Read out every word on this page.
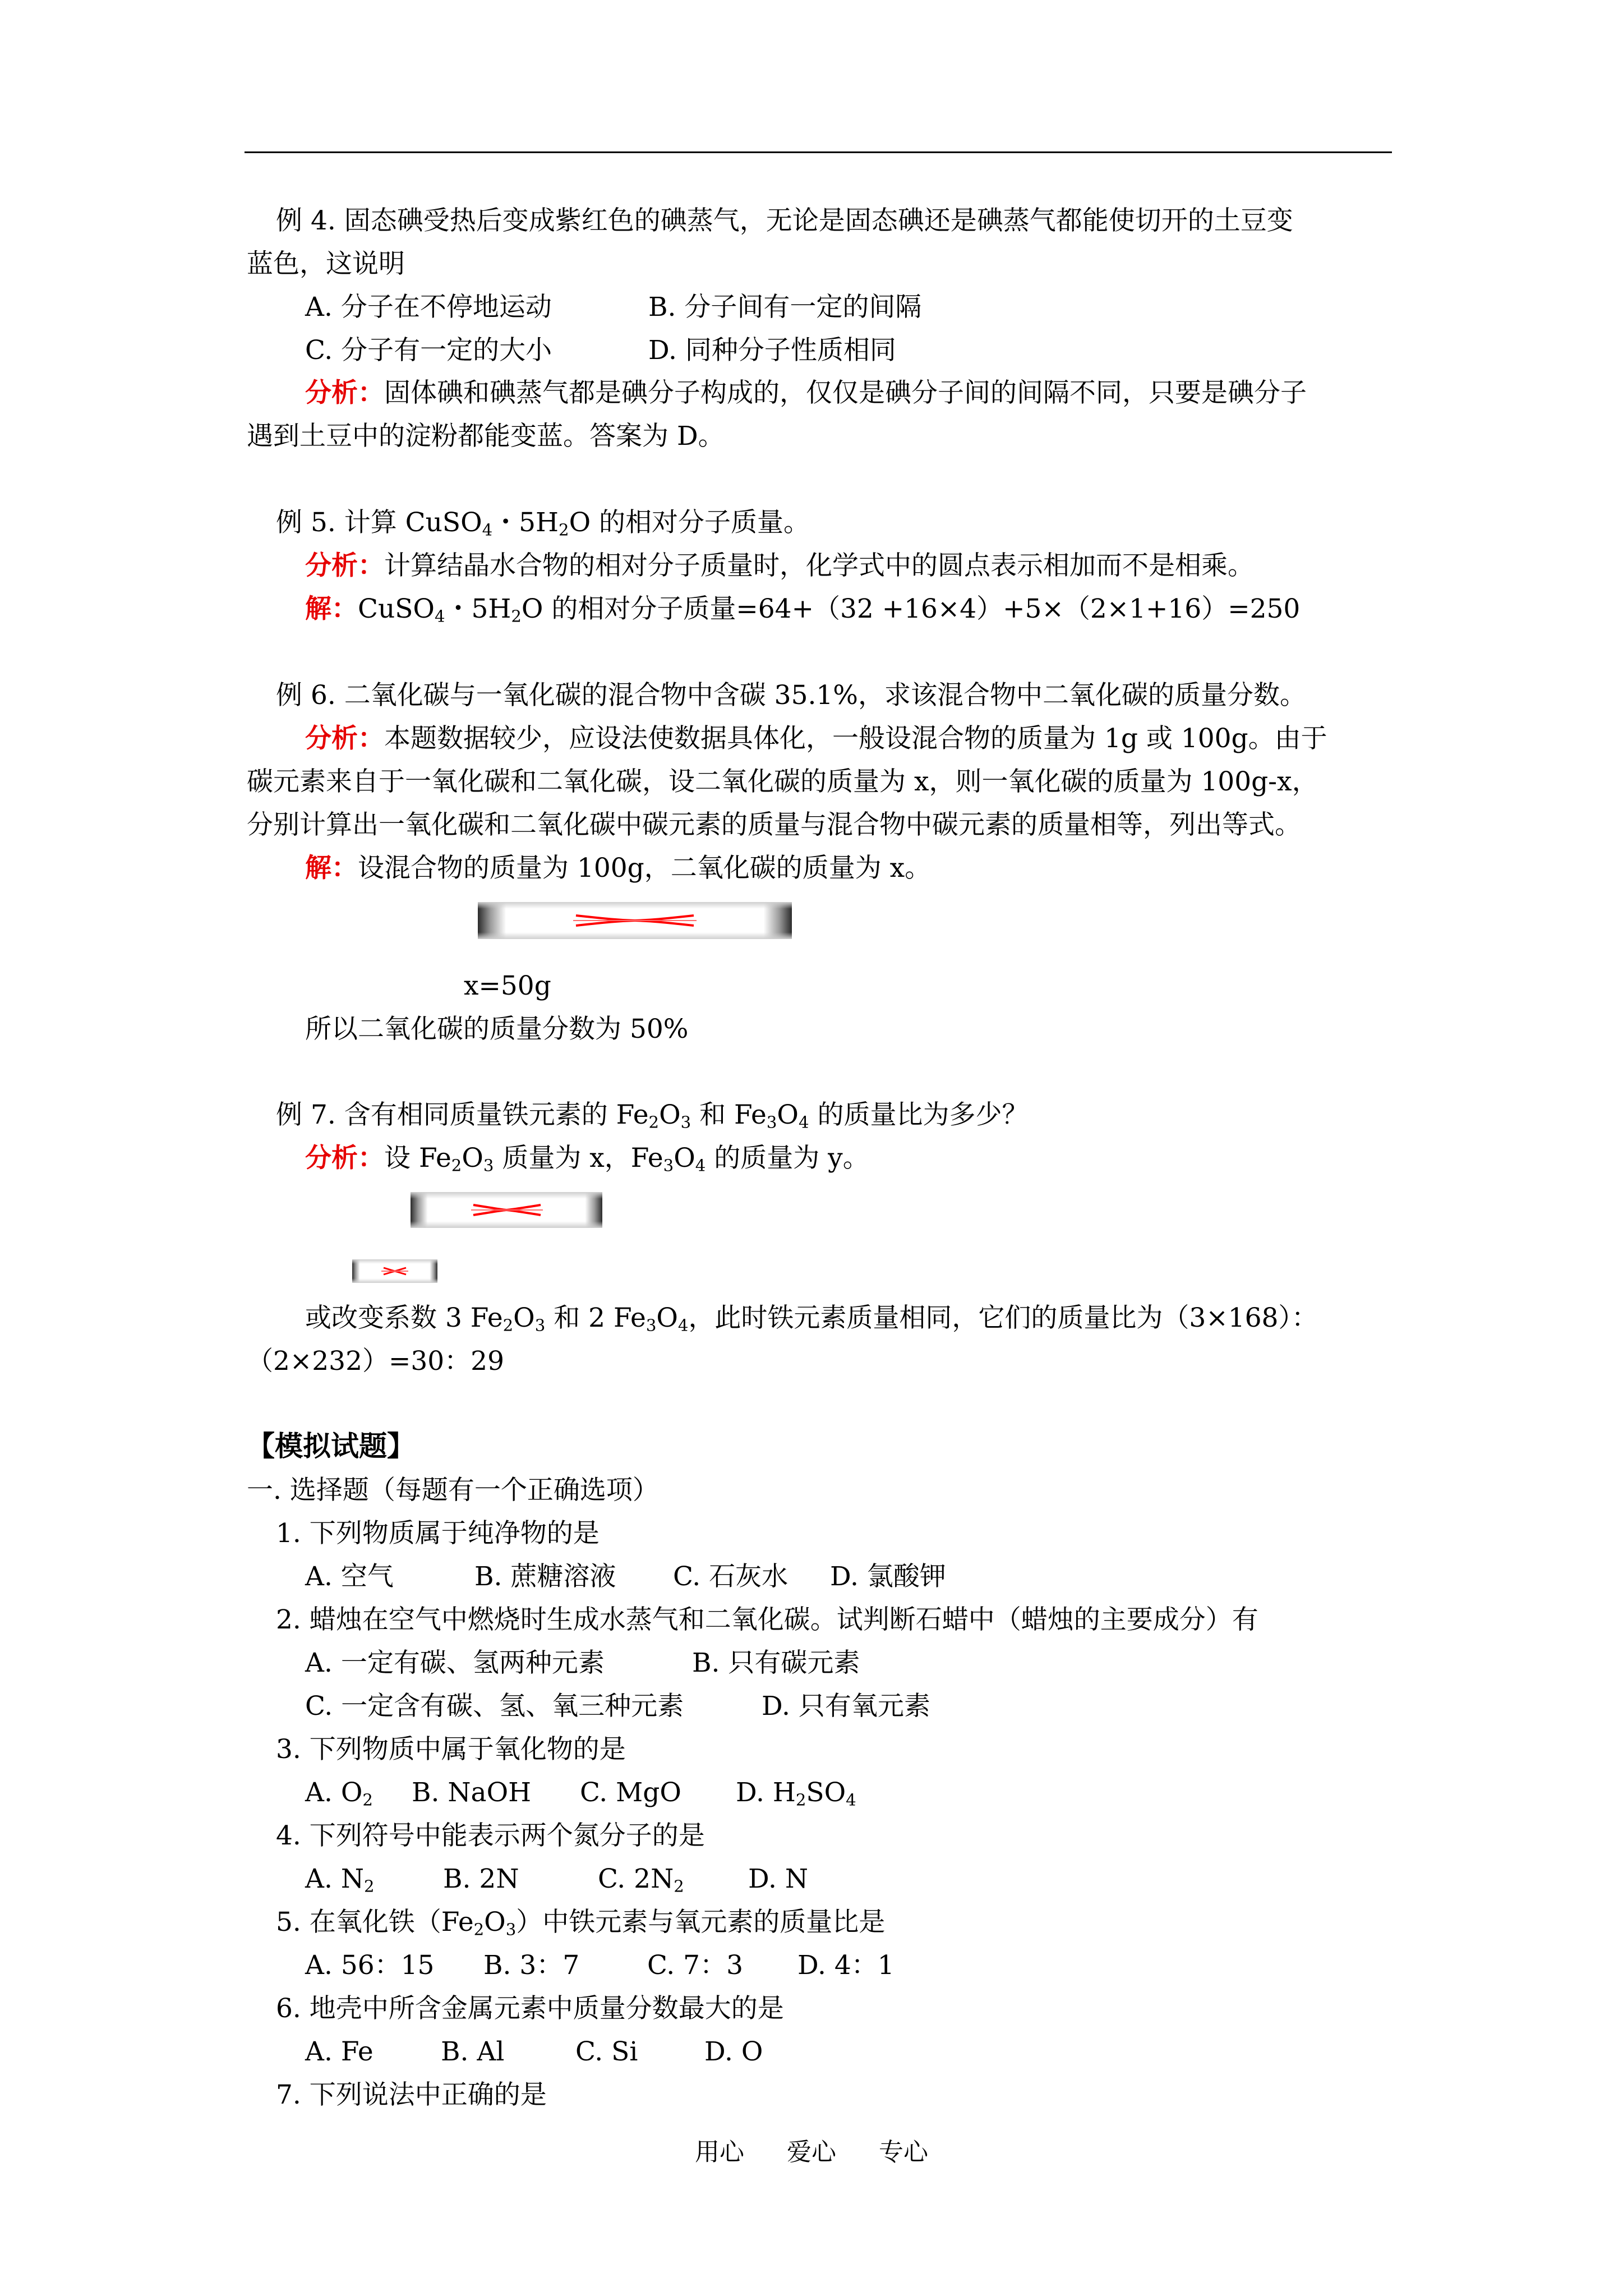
例 4. 固态碘受热后变成紫红色的碘蒸气，无论是固态碘还是碘蒸气都能使切开的土豆变
蓝色，这说明
A. 分子在不停地运动	B. 分子间有一定的间隔
C. 分子有一定的大小	D. 同种分子性质相同
分析：固体碘和碘蒸气都是碘分子构成的，仅仅是碘分子间的间隔不同，只要是碘分子
遇到土豆中的淀粉都能变蓝。答案为 D。
例 5. 计算 CuSO$_4$・$5H_2O$ 的相对分子质量。
分析：计算结晶水合物的相对分子质量时，化学式中的圆点表示相加而不是相乘。
解：CuSO$_4$・$5H_2O$ 的相对分子质量=64+（32 +16×4）+5×（2×1+16）=250
例 6. 二氧化碳与一氧化碳的混合物中含碳 35.1%，求该混合物中二氧化碳的质量分数。
分析：本题数据较少，应设法使数据具体化，一般设混合物的质量为 1g 或 100g。由于
碳元素来自于一氧化碳和二氧化碳，设二氧化碳的质量为 x，则一氧化碳的质量为 100g-x，
分别计算出一氧化碳和二氧化碳中碳元素的质量与混合物中碳元素的质量相等，列出等式。
解：设混合物的质量为 100g，二氧化碳的质量为 x。
x=50g
所以二氧化碳的质量分数为 50%
例 7. 含有相同质量铁元素的 $Fe_2O_3$ 和 $Fe_3O_4$ 的质量比为多少？
分析：设 $Fe_2O_3$ 质量为 x，$Fe_3O_4$ 的质量为 y。
或改变系数 3 $Fe_2O_3$ 和 2 $Fe_3O_4$，此时铁元素质量相同，它们的质量比为（3×168）：
（2×232）=30：29
【模拟试题】
一. 选择题（每题有一个正确选项）
1. 下列物质属于纯净物的是
A. 空气	B. 蔗糖溶液 C. 石灰水 D. 氯酸钾
2. 蜡烛在空气中燃烧时生成水蒸气和二氧化碳。试判断石蜡中（蜡烛的主要成分）有
A. 一定有碳、氢两种元素	B. 只有碳元素
C. 一定含有碳、氢、氧三种元素	D. 只有氧元素
3. 下列物质中属于氧化物的是
A. $O_2$ B. NaOH C. MgO D. $H_2SO_4$
4. 下列符号中能表示两个氮分子的是
A. $N_2$	B. 2N	C. $2N_2$ D. N
5. 在氧化铁$(Fe_2O_3)$中铁元素与氧元素的质量比是
A. 56：15 B. 3：7	C. 7：3 D. 4：1
6. 地壳中所含金属元素中质量分数最大的是
A. Fe	B. Al	C. Si	D. O
7. 下列说法中正确的是
用心 爱心 专心
